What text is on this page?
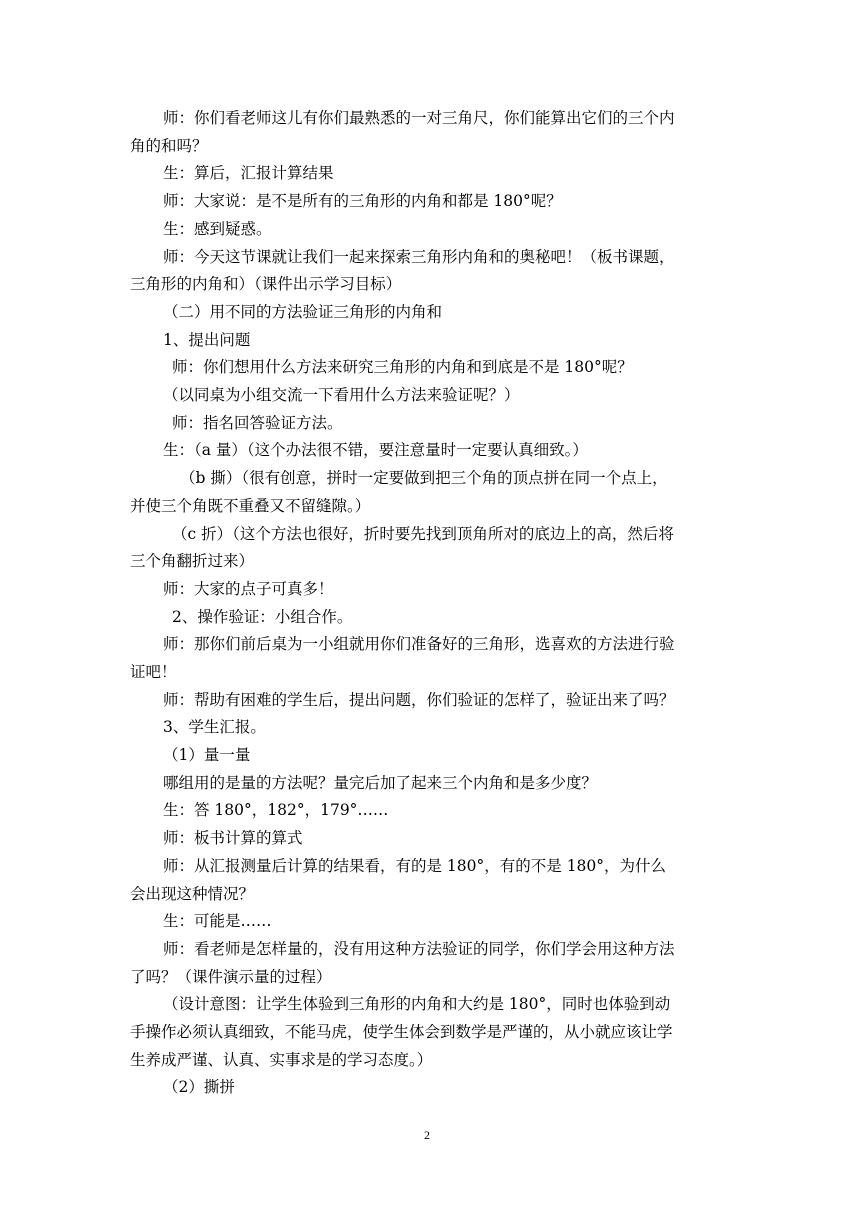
师：你们看老师这儿有你们最熟悉的一对三角尺，你们能算出它们的三个内
角的和吗？
生：算后，汇报计算结果
师：大家说：是不是所有的三角形的内角和都是 180°呢？
生：感到疑惑。
师：今天这节课就让我们一起来探索三角形内角和的奥秘吧！（板书课题，
三角形的内角和）（课件出示学习目标）
（二）用不同的方法验证三角形的内角和
1、提出问题
师：你们想用什么方法来研究三角形的内角和到底是不是 180°呢？
（以同桌为小组交流一下看用什么方法来验证呢？）
师：指名回答验证方法。
生：（a 量）（这个办法很不错，要注意量时一定要认真细致。）
（b 撕）（很有创意，拼时一定要做到把三个角的顶点拼在同一个点上，
并使三个角既不重叠又不留缝隙。）
（c 折）（这个方法也很好，折时要先找到顶角所对的底边上的高，然后将
三个角翻折过来）
师：大家的点子可真多！
2、操作验证：小组合作。
师：那你们前后桌为一小组就用你们准备好的三角形，选喜欢的方法进行验
证吧！
师：帮助有困难的学生后，提出问题，你们验证的怎样了，验证出来了吗？
3、学生汇报。
（1）量一量
哪组用的是量的方法呢？量完后加了起来三个内角和是多少度？
生：答 180°，182°，179°……
师：板书计算的算式
师：从汇报测量后计算的结果看，有的是 180°，有的不是 180°，为什么
会出现这种情况？
生：可能是……
师：看老师是怎样量的，没有用这种方法验证的同学，你们学会用这种方法
了吗？（课件演示量的过程）
（设计意图：让学生体验到三角形的内角和大约是 180°，同时也体验到动
手操作必须认真细致，不能马虎，使学生体会到数学是严谨的，从小就应该让学
生养成严谨、认真、实事求是的学习态度。）
（2）撕拼
2
